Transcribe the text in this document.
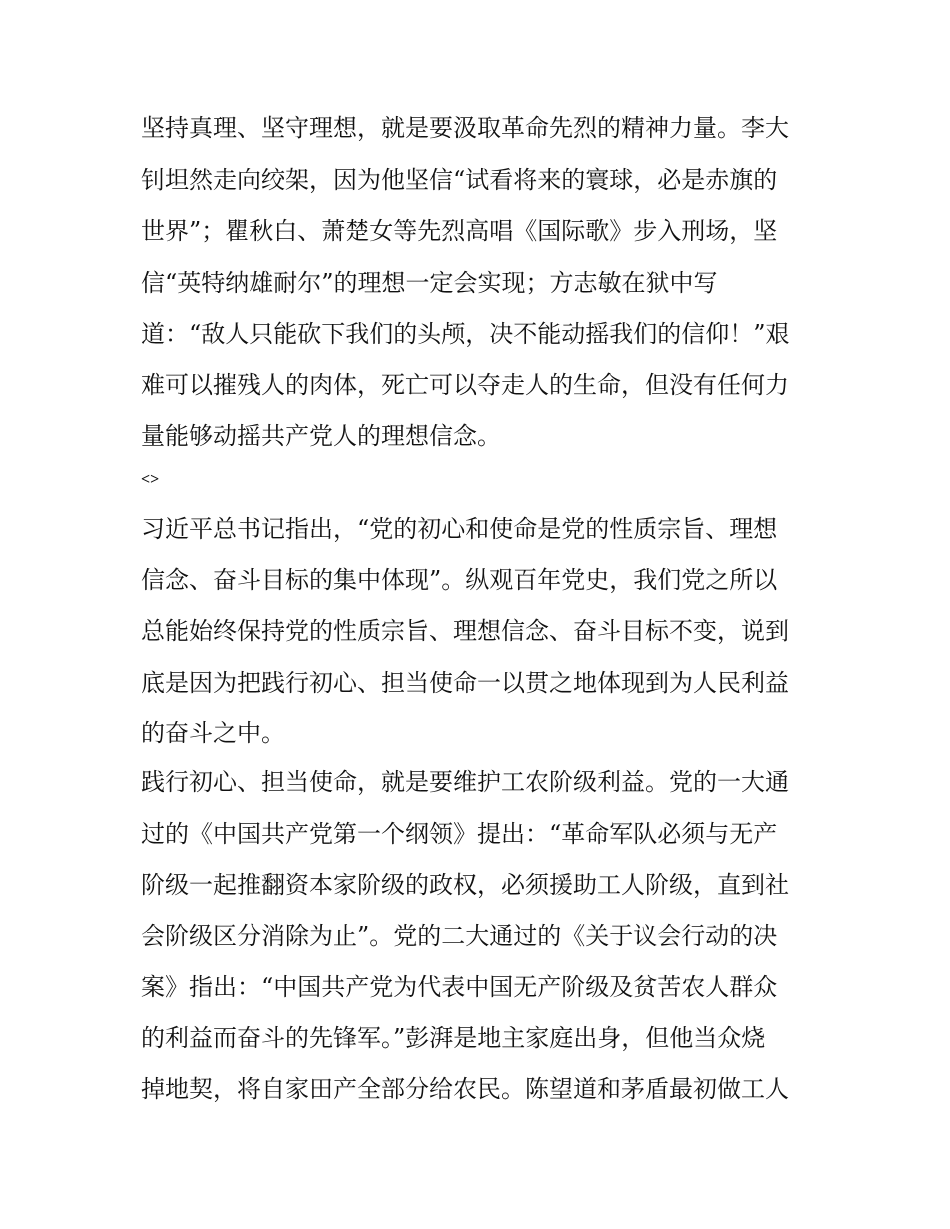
坚持真理、坚守理想，就是要汲取革命先烈的精神力量。李大
钊坦然走向绞架，因为他坚信“试看将来的寰球，必是赤旗的
世界”；瞿秋白、萧楚女等先烈高唱《国际歌》步入刑场，坚
信“英特纳雄耐尔”的理想一定会实现；方志敏在狱中写
道：“敌人只能砍下我们的头颅，决不能动摇我们的信仰！”艰
难可以摧残人的肉体，死亡可以夺走人的生命，但没有任何力
量能够动摇共产党人的理想信念。
<>
习近平总书记指出，“党的初心和使命是党的性质宗旨、理想
信念、奋斗目标的集中体现”。纵观百年党史，我们党之所以
总能始终保持党的性质宗旨、理想信念、奋斗目标不变，说到
底是因为把践行初心、担当使命一以贯之地体现到为人民利益
的奋斗之中。
践行初心、担当使命，就是要维护工农阶级利益。党的一大通
过的《中国共产党第一个纲领》提出：“革命军队必须与无产
阶级一起推翻资本家阶级的政权，必须援助工人阶级，直到社
会阶级区分消除为止”。党的二大通过的《关于议会行动的决
案》指出：“中国共产党为代表中国无产阶级及贫苦农人群众
的利益而奋斗的先锋军。”彭湃是地主家庭出身，但他当众烧
掉地契，将自家田产全部分给农民。陈望道和茅盾最初做工人
